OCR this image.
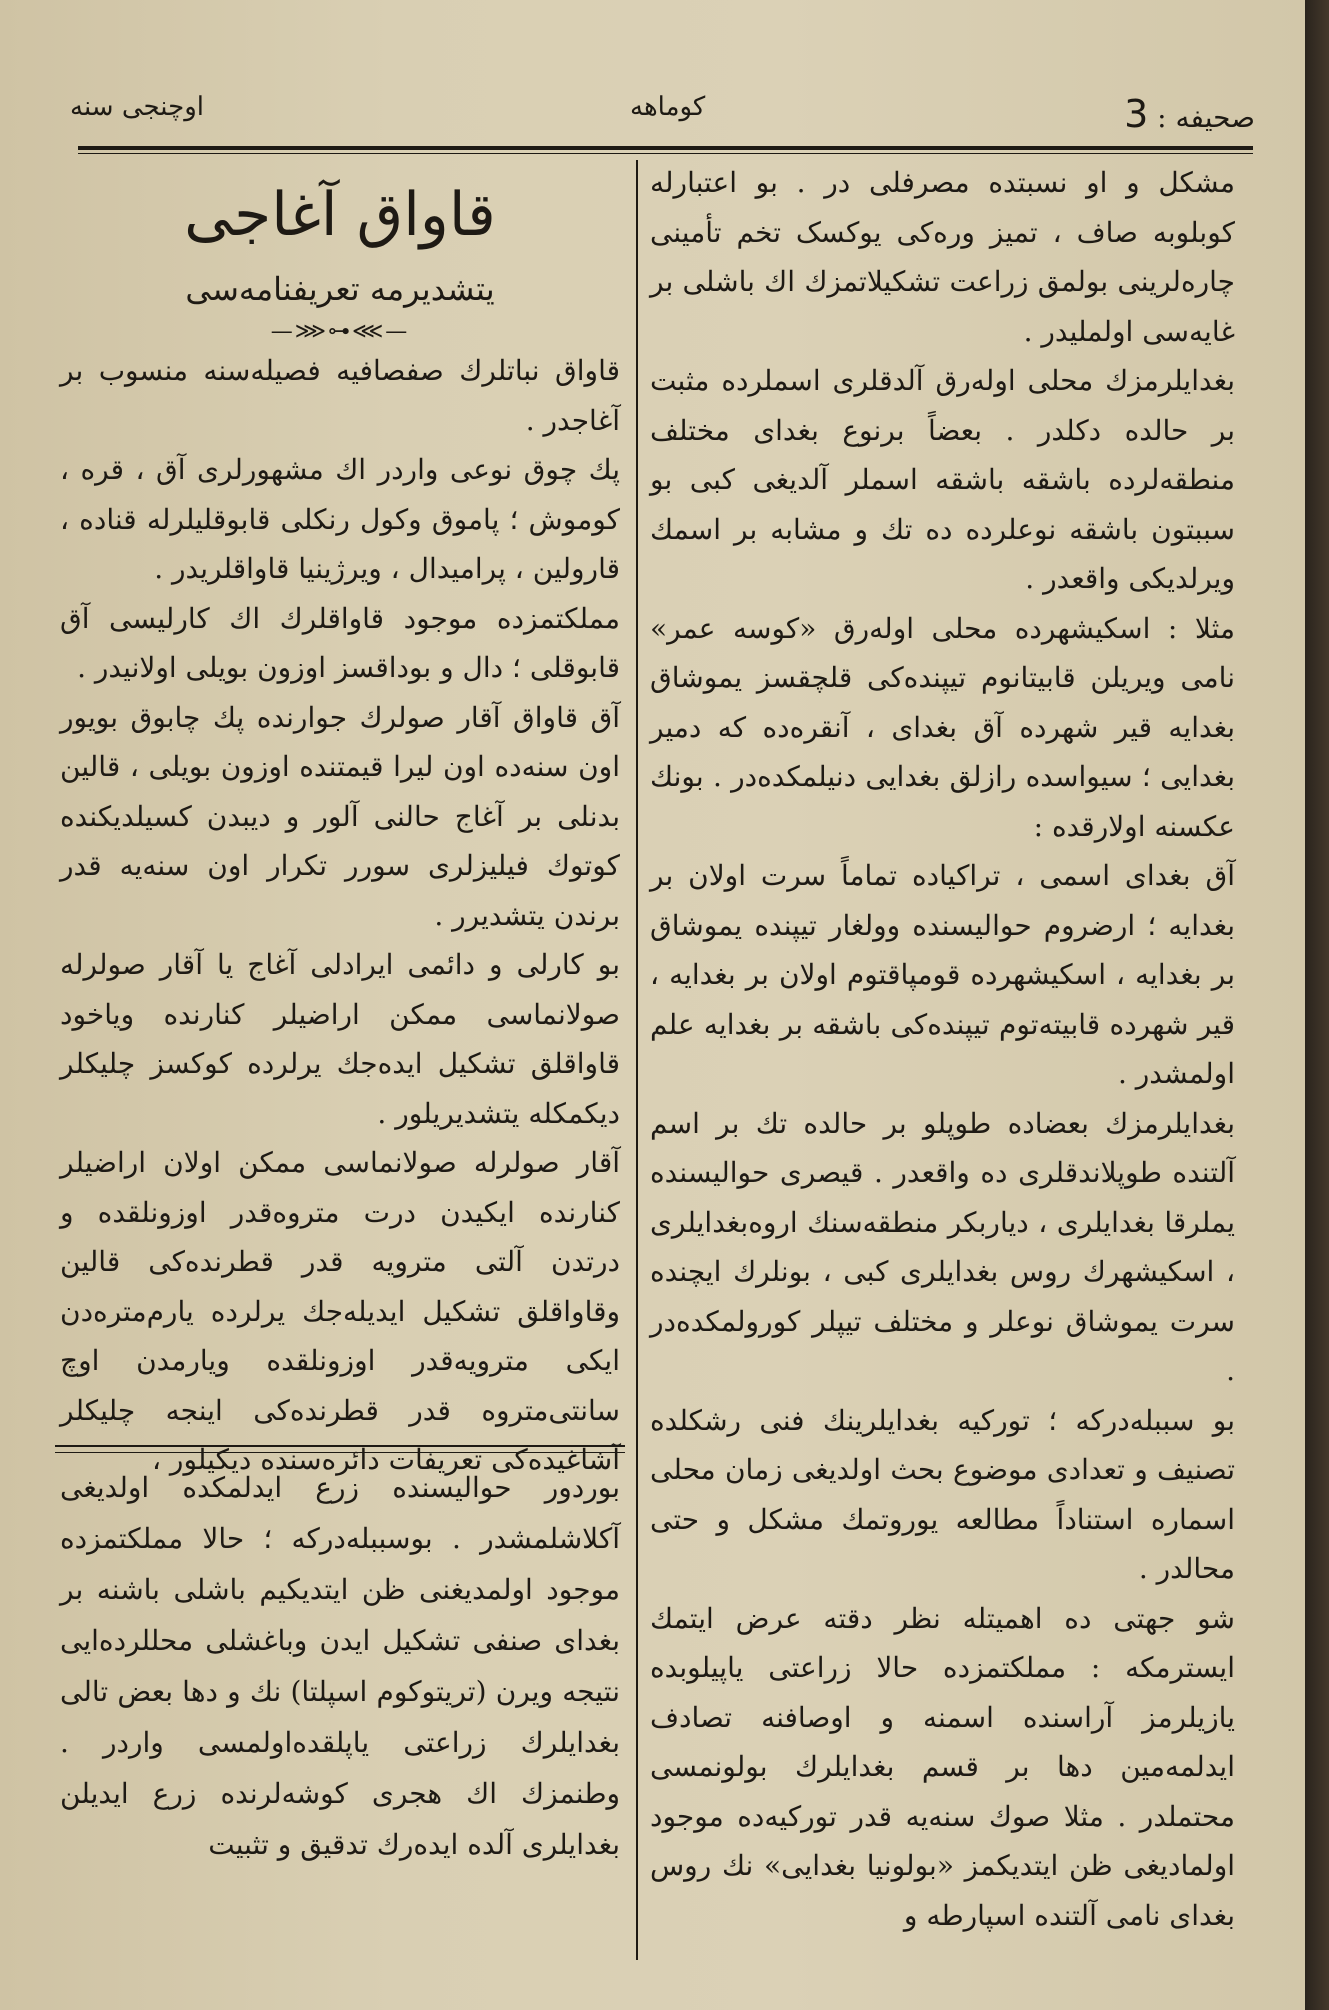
صحیفه : 3
کوماهه
اوچنجی سنه

مشکل و او نسبتده مصرفلی در . بو اعتبارله کوبلوبه صاف ، تمیز وره‌کی یوکسک تخم تأمینی چاره‌لرینی بولمق زراعت تشکیلاتمزك اك باشلی بر غایه‌سی اولملیدر .

بغدایلرمزك محلی اوله‌رق آلدقلری اسملرده مثبت بر حالده دکلدر . بعضاً برنوع بغدای مختلف منطقه‌لرده باشقه باشقه اسملر آلدیغی کبی بو سببتون باشقه نوعلرده ده تك و مشابه بر اسمك ویرلدیکی واقعدر .

مثلا : اسکیشهرده محلی اوله‌رق «کوسه عمر» نامی ویریلن قابیتانوم تیپنده‌کی قلچقسز یموشاق بغدایه قیر شهرده آق بغدای ، آنقره‌ده که دمیر بغدایی ؛ سیواسده رازلق بغدایی دنیلمکده‌در . بونك عکسنه اولارقده :

آق بغدای اسمی ، تراکیاده تماماً سرت اولان بر بغدایه ؛ ارضروم حوالیسنده وولغار تیپنده یموشاق بر بغدایه ، اسکیشهرده قومپاقتوم اولان بر بغدایه ، قیر شهرده قابیته‌توم تیپنده‌کی باشقه بر بغدایه علم اولمشدر .

بغدایلرمزك بعضاده طوپلو بر حالده تك بر اسم آلتنده طوپلاندقلری ده واقعدر . قیصری حوالیسنده یملرقا بغدایلری ، دیاربکر منطقه‌سنك اروه‌بغدایلری ، اسکیشهرك روس بغدایلری کبی ، بونلرك ایچنده سرت یموشاق نوعلر و مختلف تیپلر کورولمکده‌در .

بو سببله‌درکه ؛ تورکیه بغدایلرینك فنی رشکلده تصنیف و تعدادی موضوع بحث اولدیغی زمان محلی اسماره استناداً مطالعه یوروتمك مشکل و حتی محالدر .

شو جهتی ده اهمیتله نظر دقته عرض ایتمك ایسترمکه : مملکتمزده حالا زراعتی یاپیلوبده یازیلرمز آراسنده اسمنه و اوصافنه تصادف ایدلمه‌مین دها بر قسم بغدایلرك بولونمسی محتملدر . مثلا صوك سنه‌یه قدر تورکیه‌ده موجود اولمادیغی ظن ایتدیکمز «بولونیا بغدایی» نك روس بغدای نامی آلتنده اسپارطه و

قاواق آغاجی

یتشدیرمه تعریفنامه‌سی

—⋙⊷⋘—

قاواق نباتلرك صفصافیه فصیله‌سنه منسوب بر آغاجدر .

پك چوق نوعی واردر اك مشهورلری آق ، قره ، کوموش ؛ پاموق وکول رنکلی قابوقلیلرله قناده ، قارولین ، پرامیدال ، ویرژینیا قاواقلریدر .

مملکتمزده موجود قاواقلرك اك کارلیسی آق قابوقلی ؛ دال و بوداقسز اوزون بویلی اولانیدر .

آق قاواق آقار صولرك جوارنده پك چابوق بویور اون سنه‌ده اون لیرا قیمتنده اوزون بویلی ، قالین بدنلی بر آغاج حالنی آلور و دیبدن کسیلدیکنده کوتوك فیلیزلری سورر تکرار اون سنه‌یه قدر برندن یتشدیرر .

بو کارلی و دائمی ایرادلی آغاج یا آقار صولرله صولانماسی ممکن اراضیلر کنارنده ویاخود قاواقلق تشکیل ایده‌جك یرلرده کوکسز چلیکلر دیکمکله یتشدیریلور .

آقار صولرله صولانماسی ممکن اولان اراضیلر کنارنده ایکیدن درت متروه‌قدر اوزونلقده و درتدن آلتی مترویه قدر قطرنده‌کی قالین وقاواقلق تشکیل ایدیله‌جك یرلرده یارم‌متره‌دن ایکی مترویه‌قدر اوزونلقده ویارمدن اوچ سانتی‌متروه قدر قطرنده‌کی اینجه چلیکلر آشاغیده‌کی تعریفات دائره‌سنده دیکیلور ،

بوردور حوالیسنده زرع ایدلمکده اولدیغی آکلاشلمشدر . بوسببله‌درکه ؛ حالا مملکتمزده موجود اولمدیغنی ظن ایتدیکیم باشلی باشنه بر بغدای صنفی تشکیل ایدن وباغشلی محللرده‌ایی نتیجه ویرن (تریتوکوم اسپلتا) نك و دها بعض تالی بغدایلرك زراعتی یاپلقده‌اولمسی واردر . وطنمزك اك هجری کوشه‌لرنده زرع ایدیلن بغدایلری آلده ایده‌رك تدقیق و تثبیت
